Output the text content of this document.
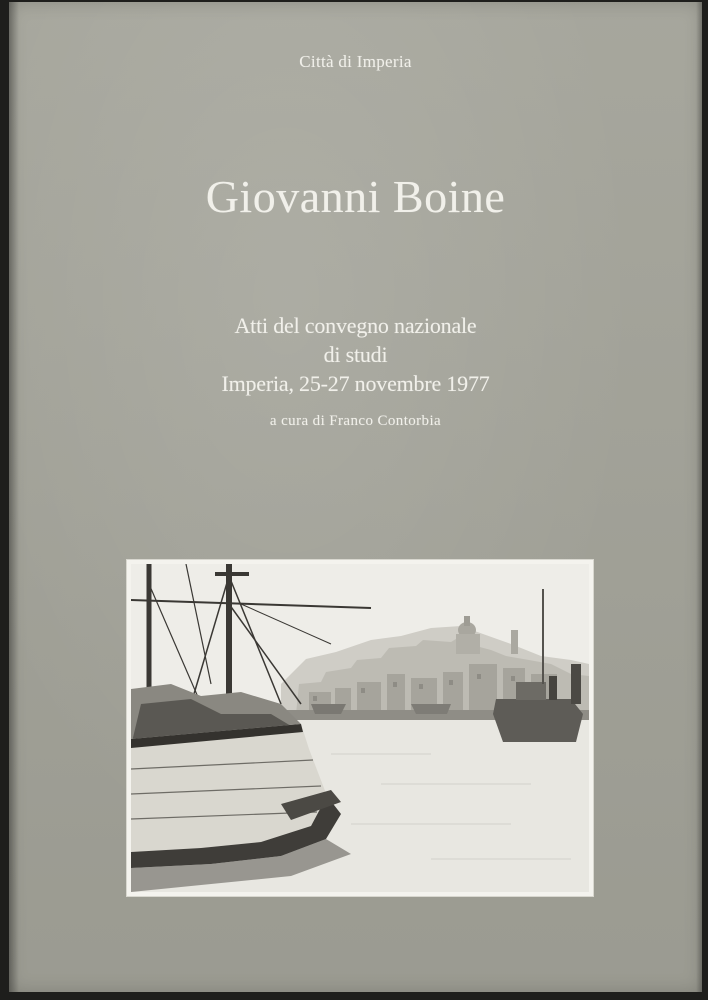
Città di Imperia
Giovanni Boine
Atti del convegno nazionale
di studi
Imperia, 25-27 novembre 1977
a cura di Franco Contorbia
